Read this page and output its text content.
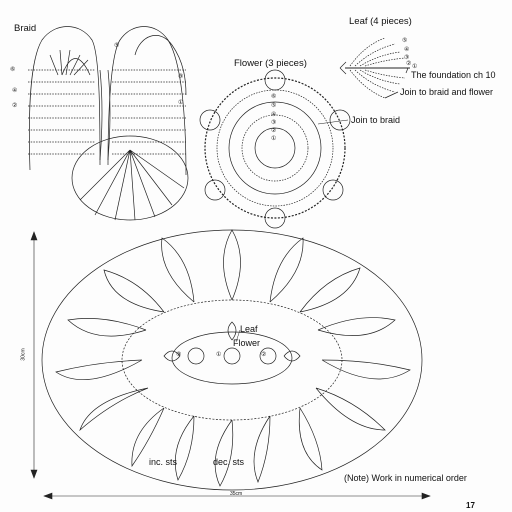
Braid
⑥
④
②
⑤
③
①
Flower (3 pieces)
Join to braid
⑥
⑤
④
③
②
①
Leaf (4 pieces)
⑤
④
③
② ①
The foundation ch 10
Join to braid and flower
Leaf
Flower
③	①	②
inc. sts	dec. sts
30cm
35cm
(Note) Work in numerical order
17
